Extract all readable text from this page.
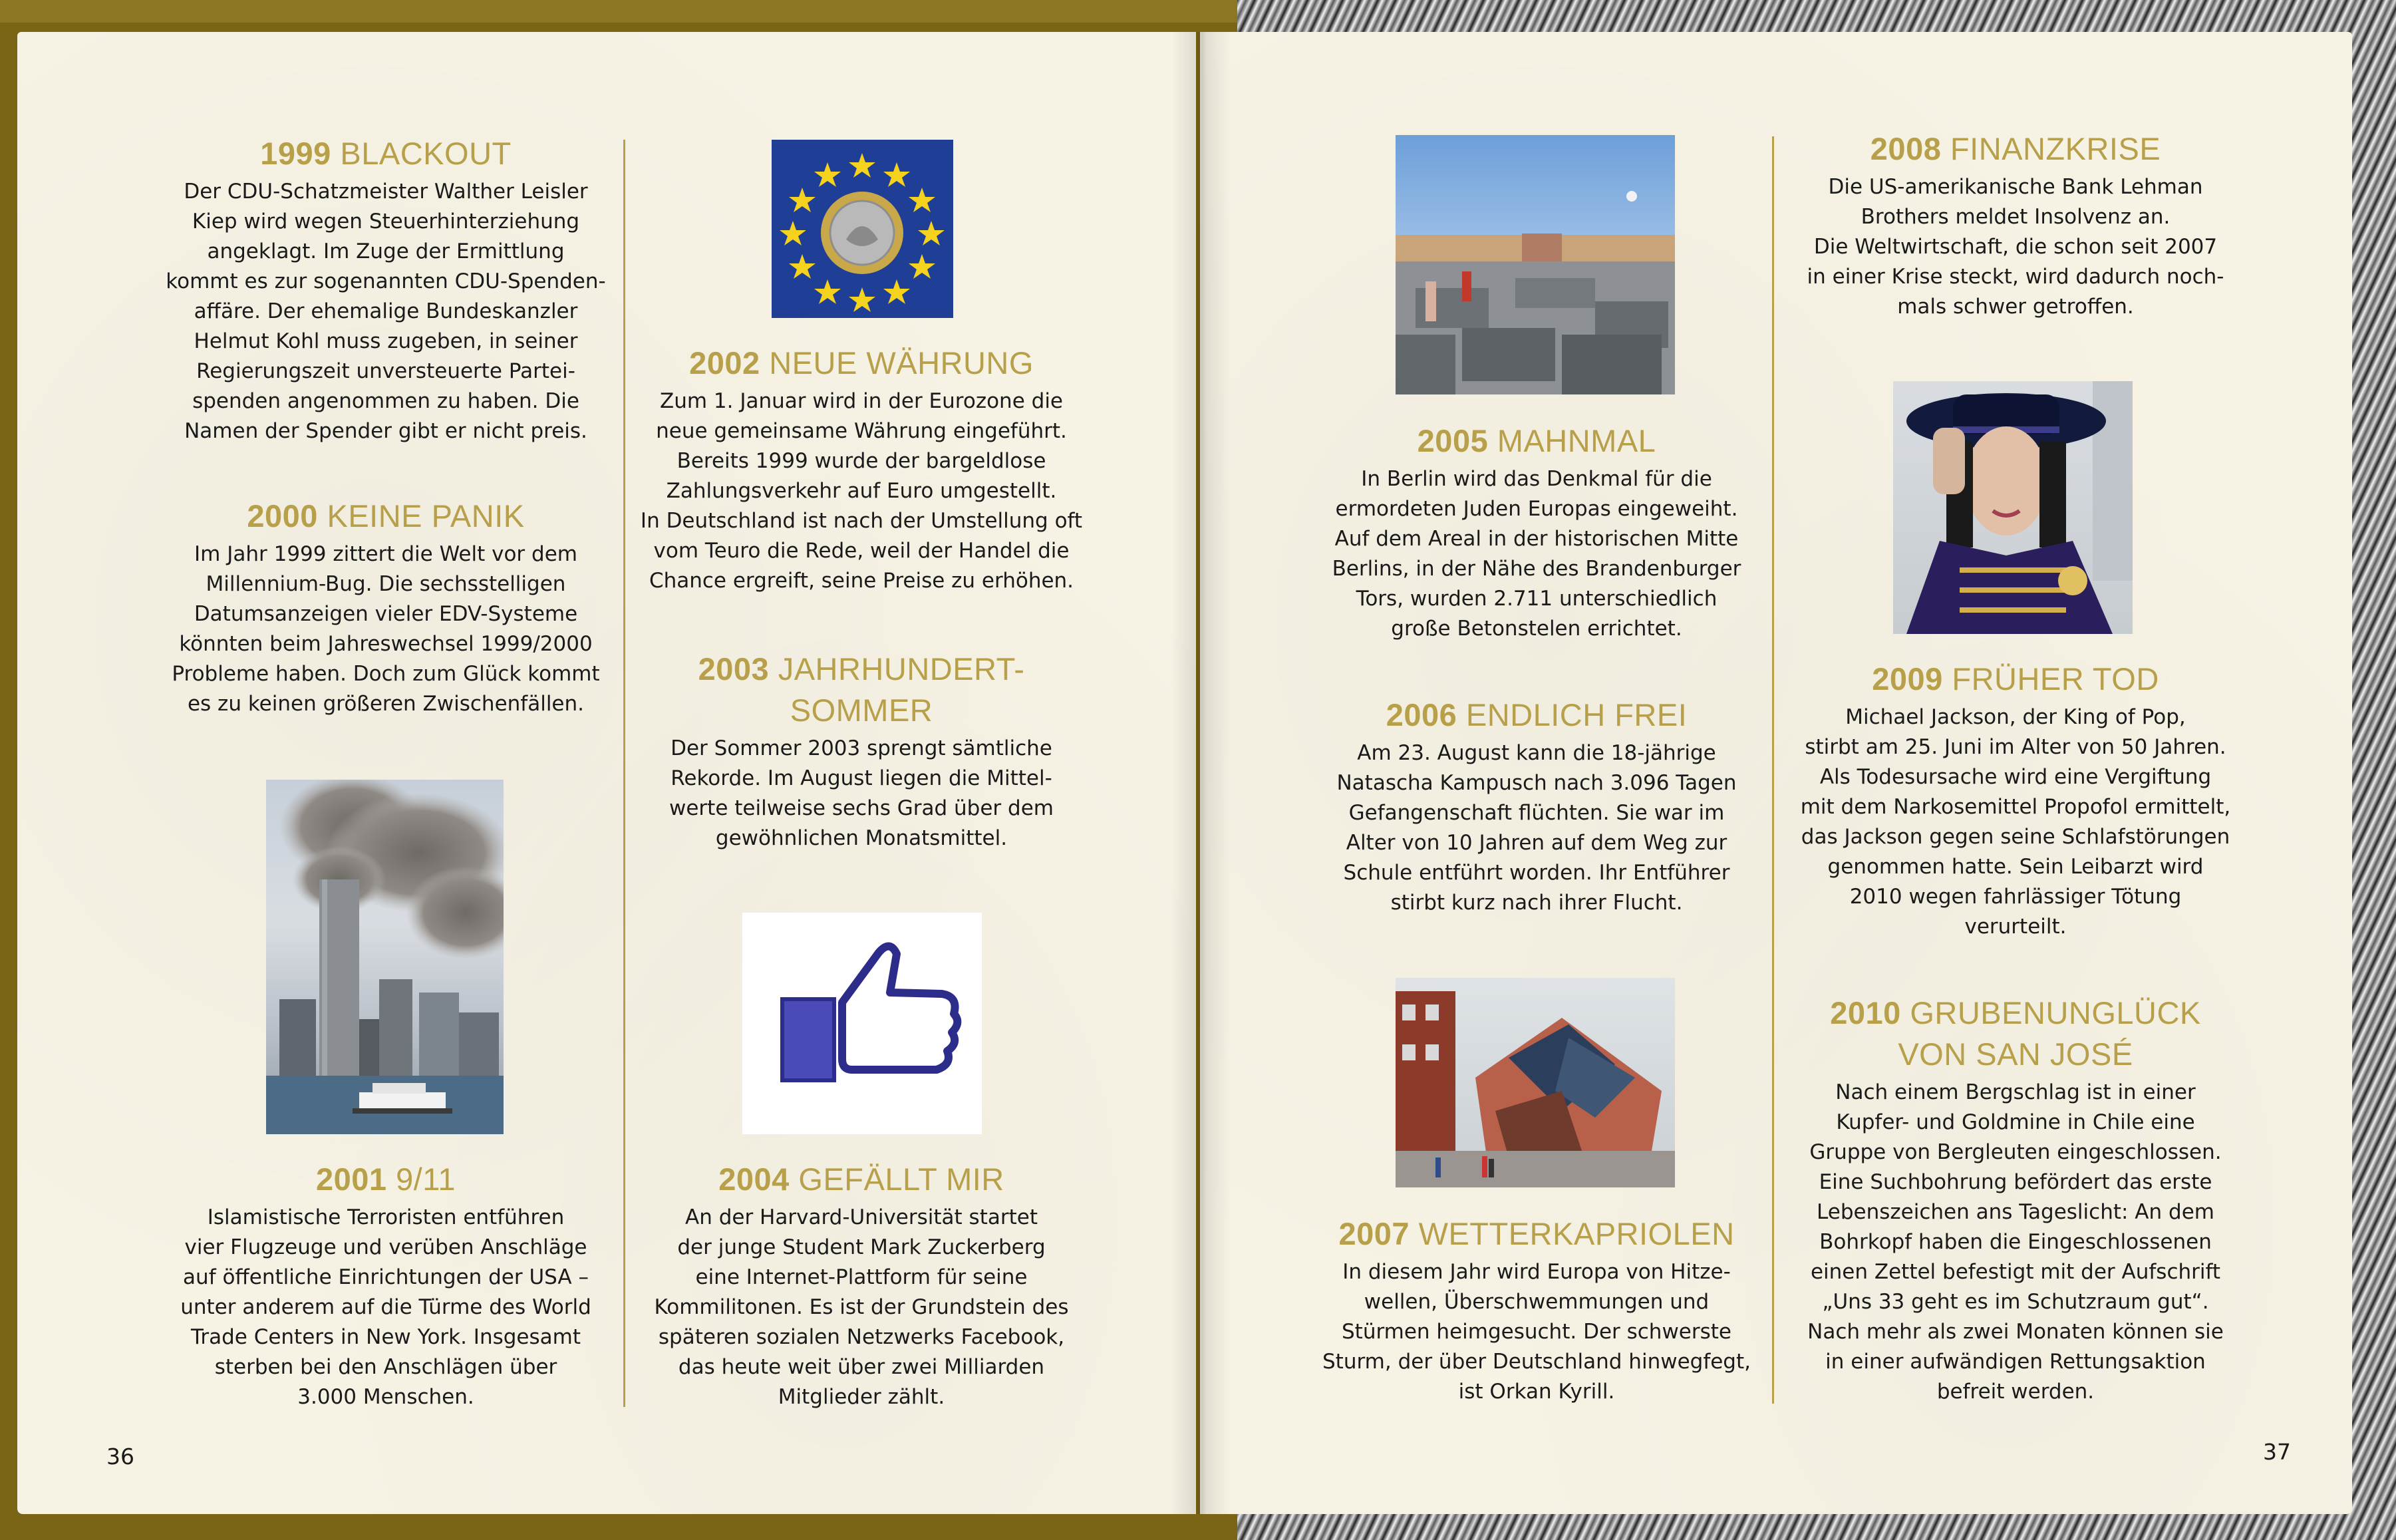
1999 BLACKOUT

Der CDU-Schatzmeister Walther Leisler
Kiep wird wegen Steuerhinterziehung
angeklagt. Im Zuge der Ermittlung
kommt es zur sogenannten CDU-Spenden-
affäre. Der ehemalige Bundeskanzler
Helmut Kohl muss zugeben, in seiner
Regierungszeit unversteuerte Partei-
spenden angenommen zu haben. Die
Namen der Spender gibt er nicht preis.

2000 KEINE PANIK

Im Jahr 1999 zittert die Welt vor dem
Millennium-Bug. Die sechsstelligen
Datumsanzeigen vieler EDV-Systeme
könnten beim Jahreswechsel 1999/2000
Probleme haben. Doch zum Glück kommt
es zu keinen größeren Zwischenfällen.

2001 9/11

Islamistische Terroristen entführen
vier Flugzeuge und verüben Anschläge
auf öffentliche Einrichtungen der USA –
unter anderem auf die Türme des World
Trade Centers in New York. Insgesamt
sterben bei den Anschlägen über
3.000 Menschen.

2002 NEUE WÄHRUNG

Zum 1. Januar wird in der Eurozone die
neue gemeinsame Währung eingeführt.
Bereits 1999 wurde der bargeldlose
Zahlungsverkehr auf Euro umgestellt.
In Deutschland ist nach der Umstellung oft
vom Teuro die Rede, weil der Handel die
Chance ergreift, seine Preise zu erhöhen.

2003 JAHRHUNDERT-
SOMMER

Der Sommer 2003 sprengt sämtliche
Rekorde. Im August liegen die Mittel-
werte teilweise sechs Grad über dem
gewöhnlichen Monatsmittel.

2004 GEFÄLLT MIR

An der Harvard-Universität startet
der junge Student Mark Zuckerberg
eine Internet-Plattform für seine
Kommilitonen. Es ist der Grundstein des
späteren sozialen Netzwerks Facebook,
das heute weit über zwei Milliarden
Mitglieder zählt.

36
2005 MAHNMAL

In Berlin wird das Denkmal für die
ermordeten Juden Europas eingeweiht.
Auf dem Areal in der historischen Mitte
Berlins, in der Nähe des Brandenburger
Tors, wurden 2.711 unterschiedlich
große Betonstelen errichtet.

2006 ENDLICH FREI

Am 23. August kann die 18-jährige
Natascha Kampusch nach 3.096 Tagen
Gefangenschaft flüchten. Sie war im
Alter von 10 Jahren auf dem Weg zur
Schule entführt worden. Ihr Entführer
stirbt kurz nach ihrer Flucht.

2007 WETTERKAPRIOLEN

In diesem Jahr wird Europa von Hitze-
wellen, Überschwemmungen und
Stürmen heimgesucht. Der schwerste
Sturm, der über Deutschland hinwegfegt,
ist Orkan Kyrill.

2008 FINANZKRISE

Die US-amerikanische Bank Lehman
Brothers meldet Insolvenz an.
Die Weltwirtschaft, die schon seit 2007
in einer Krise steckt, wird dadurch noch-
mals schwer getroffen.

2009 FRÜHER TOD

Michael Jackson, der King of Pop,
stirbt am 25. Juni im Alter von 50 Jahren.
Als Todesursache wird eine Vergiftung
mit dem Narkosemittel Propofol ermittelt,
das Jackson gegen seine Schlafstörungen
genommen hatte. Sein Leibarzt wird
2010 wegen fahrlässiger Tötung
verurteilt.

2010 GRUBENUNGLÜCK
VON SAN JOSÉ

Nach einem Bergschlag ist in einer
Kupfer- und Goldmine in Chile eine
Gruppe von Bergleuten eingeschlossen.
Eine Suchbohrung befördert das erste
Lebenszeichen ans Tageslicht: An dem
Bohrkopf haben die Eingeschlossenen
einen Zettel befestigt mit der Aufschrift
„Uns 33 geht es im Schutzraum gut“.
Nach mehr als zwei Monaten können sie
in einer aufwändigen Rettungsaktion
befreit werden.

37
